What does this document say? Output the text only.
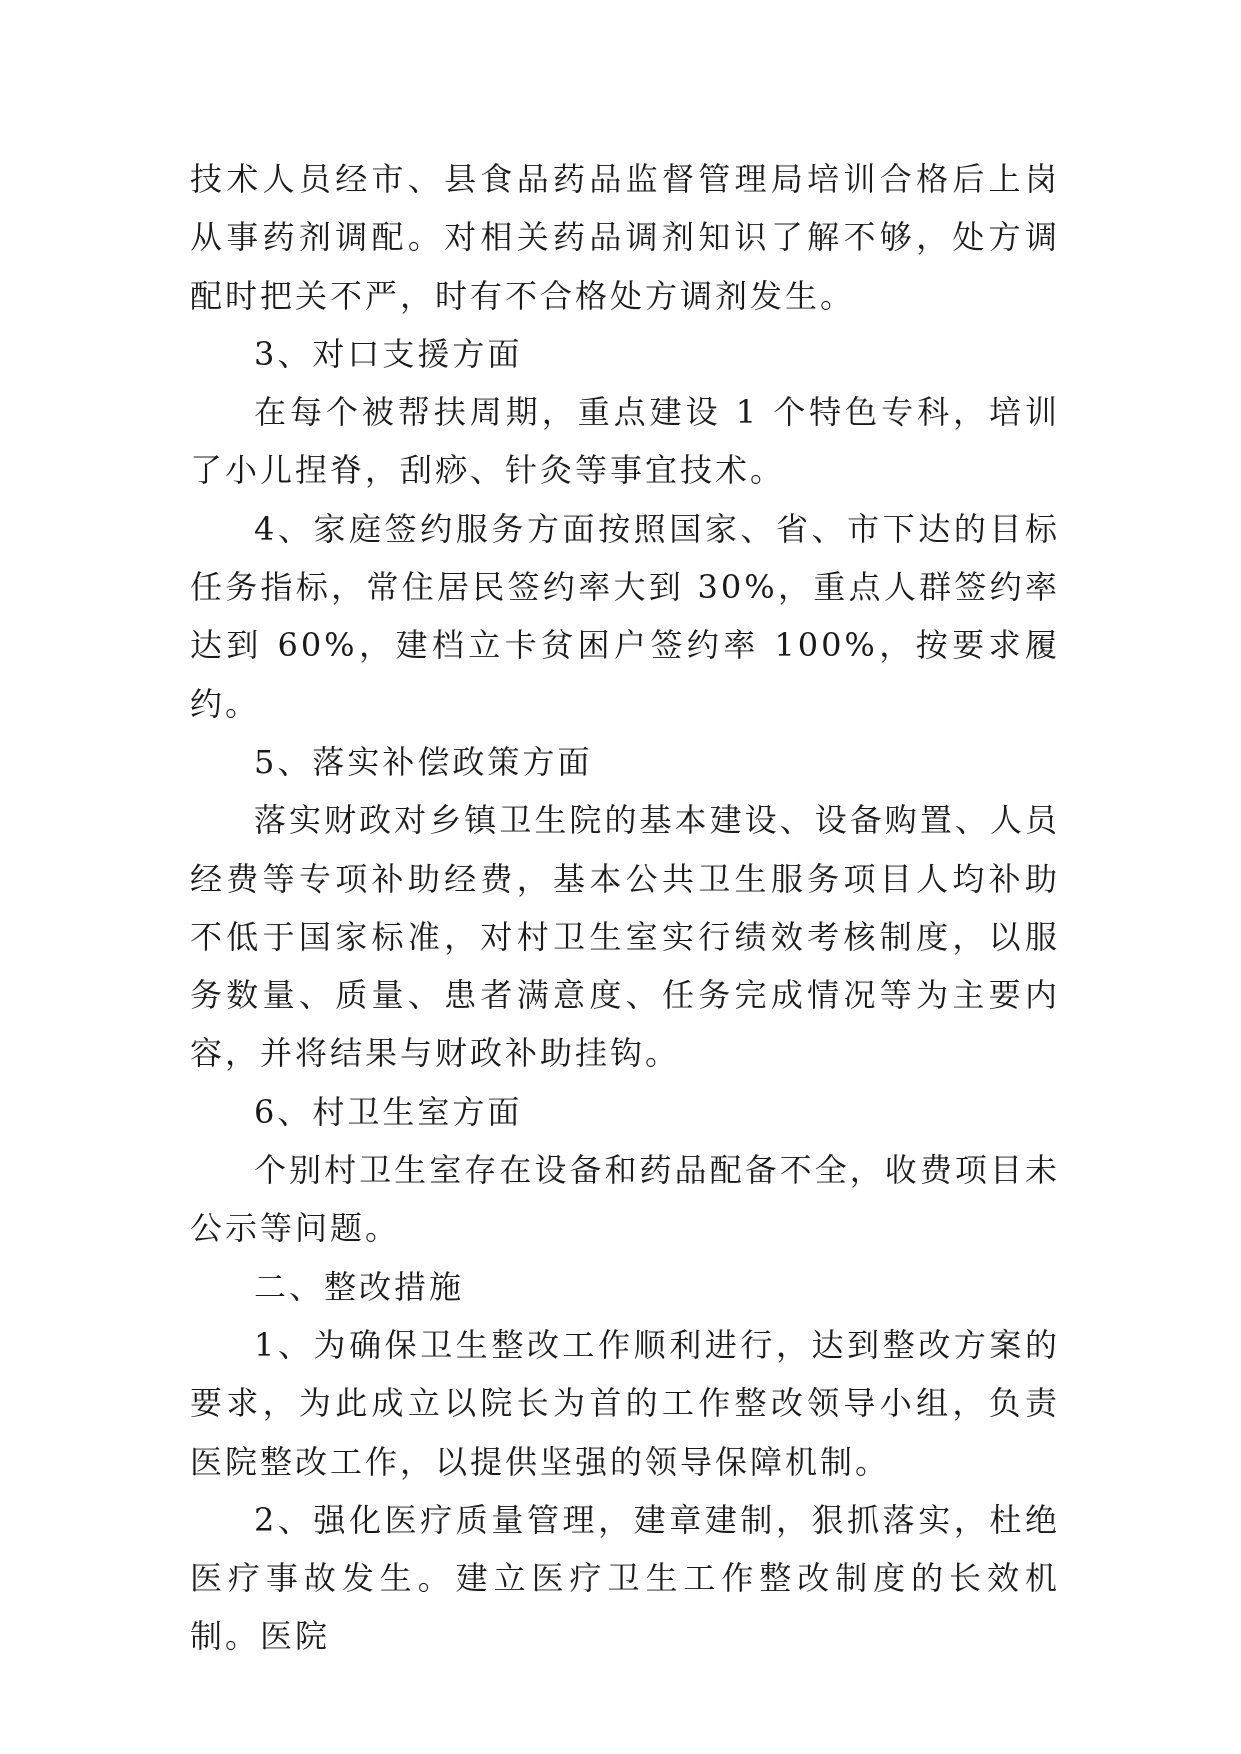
技术人员经市、县食品药品监督管理局培训合格后上岗从事药剂调配。对相关药品调剂知识了解不够，处方调配时把关不严，时有不合格处方调剂发生。

3、对口支援方面

在每个被帮扶周期，重点建设 1 个特色专科，培训了小儿捏脊，刮痧、针灸等事宜技术。

4、家庭签约服务方面按照国家、省、市下达的目标任务指标，常住居民签约率大到 30%，重点人群签约率达到 60%，建档立卡贫困户签约率 100%，按要求履约。

5、落实补偿政策方面

落实财政对乡镇卫生院的基本建设、设备购置、人员经费等专项补助经费，基本公共卫生服务项目人均补助不低于国家标准，对村卫生室实行绩效考核制度，以服务数量、质量、患者满意度、任务完成情况等为主要内容，并将结果与财政补助挂钩。

6、村卫生室方面

个别村卫生室存在设备和药品配备不全，收费项目未公示等问题。

二、整改措施

1、为确保卫生整改工作顺利进行，达到整改方案的要求，为此成立以院长为首的工作整改领导小组，负责医院整改工作，以提供坚强的领导保障机制。

2、强化医疗质量管理，建章建制，狠抓落实，杜绝医疗事故发生。建立医疗卫生工作整改制度的长效机制。医院
